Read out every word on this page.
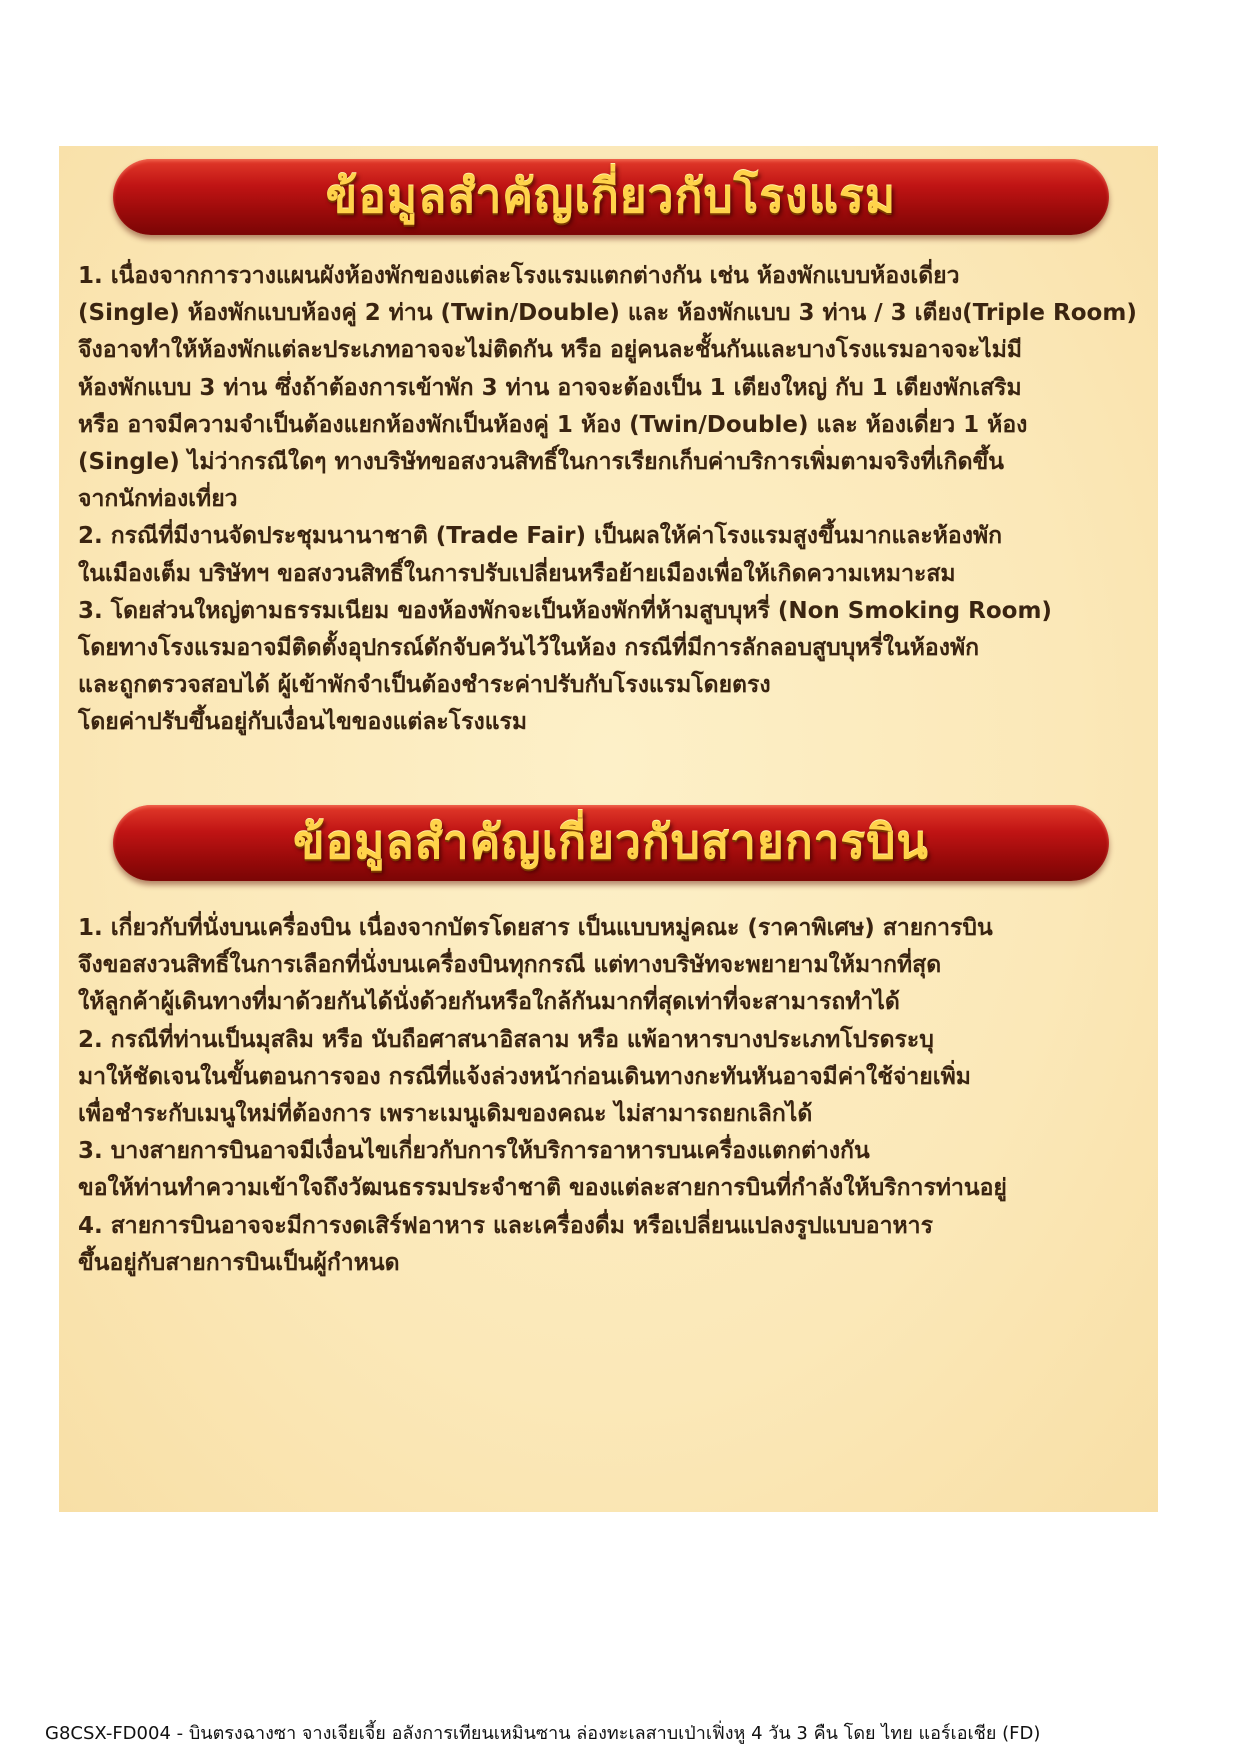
ข้อมูลสำคัญเกี่ยวกับโรงแรม
1. เนื่องจากการวางแผนผังห้องพักของแต่ละโรงแรมแตกต่างกัน เช่น ห้องพักแบบห้องเดี่ยว
(Single) ห้องพักแบบห้องคู่ 2 ท่าน (Twin/Double) และ ห้องพักแบบ 3 ท่าน / 3 เตียง(Triple Room)
จึงอาจทำให้ห้องพักแต่ละประเภทอาจจะไม่ติดกัน หรือ อยู่คนละชั้นกันและบางโรงแรมอาจจะไม่มี
ห้องพักแบบ 3 ท่าน ซึ่งถ้าต้องการเข้าพัก 3 ท่าน อาจจะต้องเป็น 1 เตียงใหญ่ กับ 1 เตียงพักเสริม
หรือ อาจมีความจำเป็นต้องแยกห้องพักเป็นห้องคู่ 1 ห้อง (Twin/Double) และ ห้องเดี่ยว 1 ห้อง
(Single) ไม่ว่ากรณีใดๆ ทางบริษัทขอสงวนสิทธิ์ในการเรียกเก็บค่าบริการเพิ่มตามจริงที่เกิดขึ้น
จากนักท่องเที่ยว
2. กรณีที่มีงานจัดประชุมนานาชาติ (Trade Fair) เป็นผลให้ค่าโรงแรมสูงขึ้นมากและห้องพัก
ในเมืองเต็ม บริษัทฯ ขอสงวนสิทธิ์ในการปรับเปลี่ยนหรือย้ายเมืองเพื่อให้เกิดความเหมาะสม
3. โดยส่วนใหญ่ตามธรรมเนียม ของห้องพักจะเป็นห้องพักที่ห้ามสูบบุหรี่ (Non Smoking Room)
โดยทางโรงแรมอาจมีติดตั้งอุปกรณ์ดักจับควันไว้ในห้อง กรณีที่มีการลักลอบสูบบุหรี่ในห้องพัก
และถูกตรวจสอบได้ ผู้เข้าพักจำเป็นต้องชำระค่าปรับกับโรงแรมโดยตรง
โดยค่าปรับขึ้นอยู่กับเงื่อนไขของแต่ละโรงแรม
ข้อมูลสำคัญเกี่ยวกับสายการบิน
1. เกี่ยวกับที่นั่งบนเครื่องบิน เนื่องจากบัตรโดยสาร เป็นแบบหมู่คณะ (ราคาพิเศษ) สายการบิน
จึงขอสงวนสิทธิ์ในการเลือกที่นั่งบนเครื่องบินทุกกรณี แต่ทางบริษัทจะพยายามให้มากที่สุด
ให้ลูกค้าผู้เดินทางที่มาด้วยกันได้นั่งด้วยกันหรือใกล้กันมากที่สุดเท่าที่จะสามารถทำได้
2. กรณีที่ท่านเป็นมุสลิม หรือ นับถือศาสนาอิสลาม หรือ แพ้อาหารบางประเภทโปรดระบุ
มาให้ชัดเจนในขั้นตอนการจอง กรณีที่แจ้งล่วงหน้าก่อนเดินทางกะทันหันอาจมีค่าใช้จ่ายเพิ่ม
เพื่อชำระกับเมนูใหม่ที่ต้องการ เพราะเมนูเดิมของคณะ ไม่สามารถยกเลิกได้
3. บางสายการบินอาจมีเงื่อนไขเกี่ยวกับการให้บริการอาหารบนเครื่องแตกต่างกัน
ขอให้ท่านทำความเข้าใจถึงวัฒนธรรมประจำชาติ ของแต่ละสายการบินที่กำลังให้บริการท่านอยู่
4. สายการบินอาจจะมีการงดเสิร์ฟอาหาร และเครื่องดื่ม หรือเปลี่ยนแปลงรูปแบบอาหาร
ขึ้นอยู่กับสายการบินเป็นผู้กำหนด
G8CSX-FD004 - บินตรงฉางซา จางเจียเจี้ย อลังการเทียนเหมินซาน ล่องทะเลสาบเป่าเฟิ่งหู 4 วัน 3 คืน โดย ไทย แอร์เอเชีย (FD)
